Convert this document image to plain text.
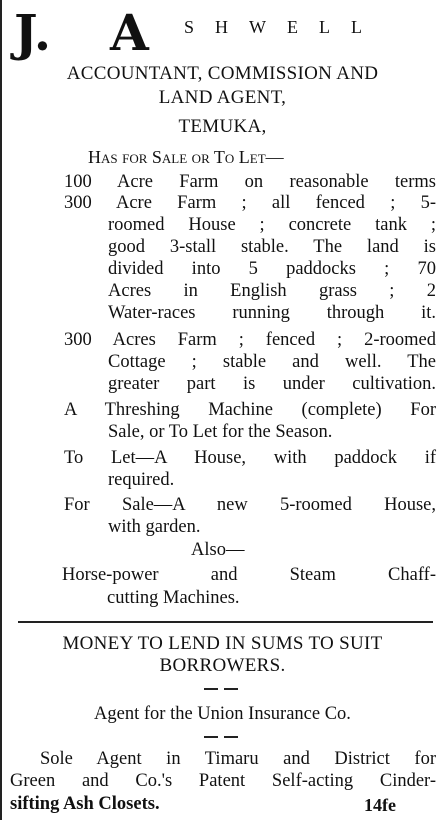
J. A SHWELL
ACCOUNTANT, COMMISSION AND
LAND AGENT,
TEMUKA,
Has for Sale or To Let—
100 Acre Farm on reasonable terms
300 Acre Farm ; all fenced ; 5-
roomed House ; concrete tank ;
good 3-stall stable. The land is
divided into 5 paddocks ; 70
Acres in English grass ; 2
Water-races running through it.
300 Acres Farm ; fenced ; 2-roomed
Cottage ; stable and well. The
greater part is under cultivation.
A Threshing Machine (complete) For
Sale, or To Let for the Season.
To Let—A House, with paddock if
required.
For Sale—A new 5-roomed House,
with garden.
Also—
Horse-power and Steam Chaff-
cutting Machines.
MONEY TO LEND IN SUMS TO SUIT
BORROWERS.
Agent for the Union Insurance Co.
Sole Agent in Timaru and District for
Green and Co.'s Patent Self-acting Cinder-
sifting Ash Closets.	14fe
